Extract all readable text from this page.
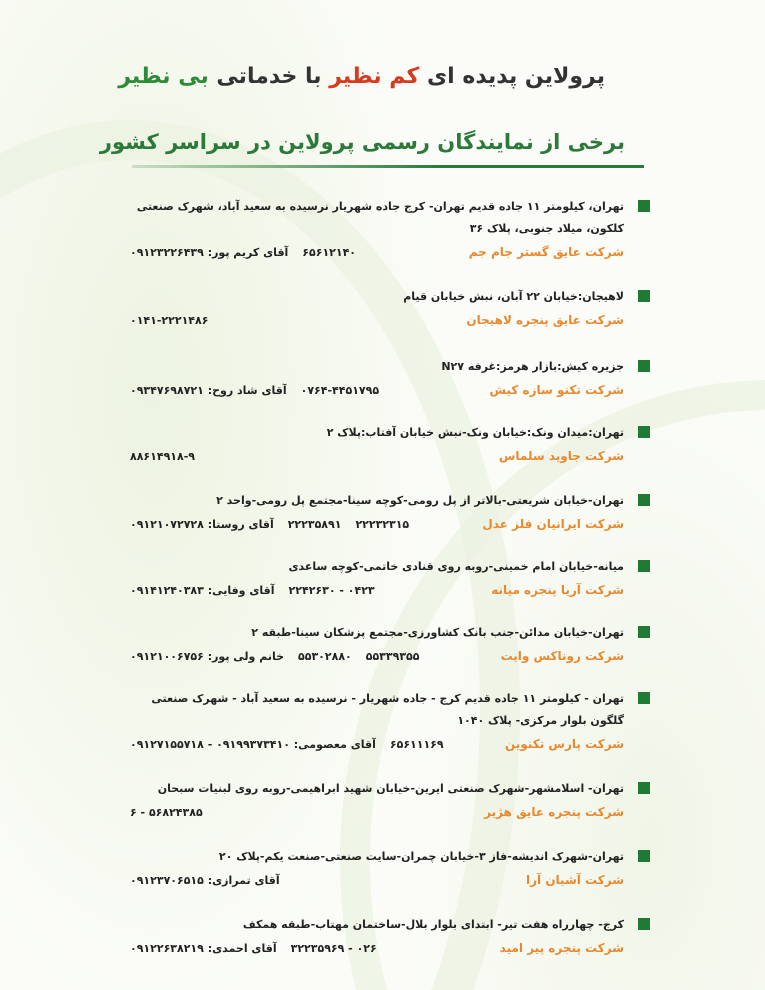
پرولاین پدیده ای کم نظیر با خدماتی بی نظیر
برخی از نمایندگان رسمی پرولاین در سراسر کشور
تهران، کیلومتر ۱۱ جاده قدیم تهران- کرج جاده شهریار نرسیده به سعید آباد، شهرک صنعتی کلکون، میلاد جنوبی، پلاک ۳۶
شرکت عایق گستر جام جم
۶۵۶۱۲۱۴۰
آقای کریم پور: ۰۹۱۲۳۲۲۶۴۳۹
لاهیجان:خیابان ۲۲ آبان، نبش خیابان قیام
شرکت عایق پنجره لاهیجان
۰۱۴۱-۲۲۲۱۴۸۶
جزیره کیش:بازار هرمز:غرفه N۲۷
شرکت تکنو سازه کیش
۰۷۶۴-۴۴۵۱۷۹۵
آقای شاد روح: ۰۹۳۴۷۶۹۸۷۲۱
تهران:میدان ونک:خیابان ونک-نبش خیابان آفتاب:پلاک ۲
شرکت جاوید سلماس
۸۸۶۱۴۹۱۸-۹
تهران-خیابان شریعتی-بالاتر از پل رومی-کوچه سینا-مجتمع پل رومی-واحد ۲
شرکت ایرانیان فلز عدل
۲۲۲۳۲۳۱۵
۲۲۲۳۵۸۹۱
آقای روستا: ۰۹۱۲۱۰۷۲۷۲۸
میانه-خیابان امام خمینی-روبه روی قنادی خاتمی-کوچه ساعدی
شرکت آریا پنجره میانه
۰۴۲۳ - ۲۲۴۲۶۳۰
آقای وفایی: ۰۹۱۴۱۲۴۰۳۸۳
تهران-خیابان مدائن-جنب بانک کشاورزی-مجتمع پزشکان سینا-طبقه ۲
شرکت روناکس وایت
۵۵۳۳۹۳۵۵
۵۵۳۰۲۸۸۰
خانم ولی پور: ۰۹۱۲۱۰۰۶۷۵۶
تهران - کیلومتر ۱۱ جاده قدیم کرج - جاده شهریار - نرسیده به سعید آباد - شهرک صنعتی گلگون بلوار مرکزی- پلاک ۱۰۴۰
شرکت پارس تکنوین
۶۵۶۱۱۱۶۹
آقای معصومی: ۰۹۱۹۹۳۷۳۴۱۰ - ۰۹۱۲۷۱۵۵۷۱۸
تهران- اسلامشهر-شهرک صنعتی ایرین-خیابان شهید ابراهیمی-روبه روی لبنیات سبحان
شرکت پنجره عایق هژیر
۵۶۸۲۴۳۸۵ - ۶
تهران-شهرک اندیشه-فاز ۳-خیابان چمران-سایت صنعتی-صنعت یکم-پلاک ۲۰
شرکت آشیان آرا
آقای تمرازی: ۰۹۱۲۳۷۰۶۵۱۵
کرج- چهارراه هفت تیر- ابتدای بلوار بلال-ساختمان مهتاب-طبقه همکف
شرکت پنجره پیر امید
۰۲۶ - ۳۲۲۳۵۹۶۹
آقای احمدی: ۰۹۱۲۲۶۳۸۲۱۹
